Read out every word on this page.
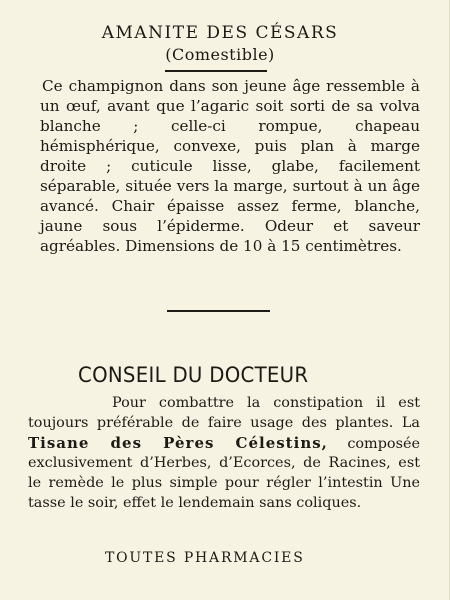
AMANITE DES CÉSARS
(Comestible)

Ce champignon dans son jeune âge ressemble à un œuf, avant que l’agaric soit sorti de sa volva blanche ; celle-ci rompue, chapeau hémisphérique, convexe, puis plan à marge droite ; cuticule lisse, glabe, facilement séparable, située vers la marge, surtout à un âge avancé. Chair épaisse assez ferme, blanche, jaune sous l’épiderme. Odeur et saveur agréables. Dimensions de 10 à 15 centimètres.

CONSEIL DU DOCTEUR

Pour combattre la constipation il est toujours préférable de faire usage des plantes. La Tisane des Pères Célestins, composée exclusivement d’Herbes, d’Ecorces, de Racines, est le remède le plus simple pour régler l’intestin Une tasse le soir, effet le lendemain sans coliques.

TOUTES PHARMACIES
